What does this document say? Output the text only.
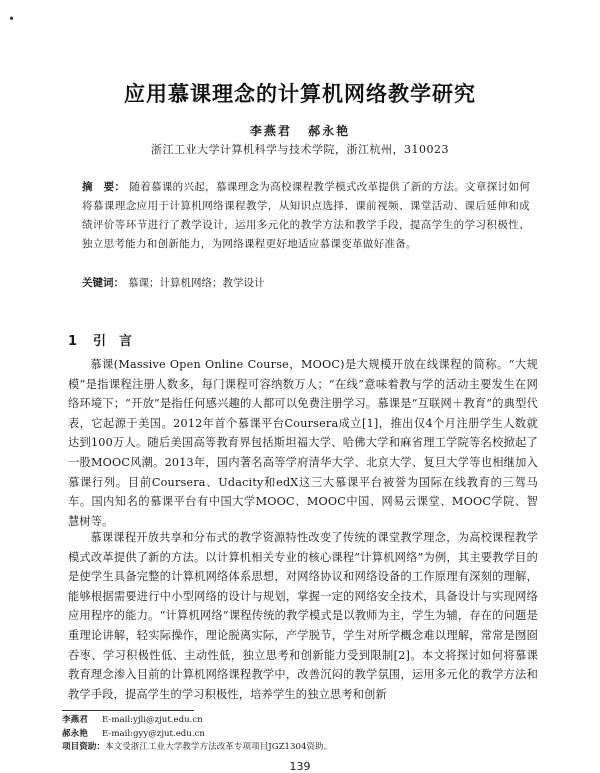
•
应用慕课理念的计算机网络教学研究
李燕君 郝永艳
浙江工业大学计算机科学与技术学院，浙江杭州，310023
摘　要： 随着慕课的兴起，慕课理念为高校课程教学模式改革提供了新的方法。文章探讨如何将慕课理念应用于计算机网络课程教学，从知识点选择、课前视频、课堂活动、课后延伸和成绩评价等环节进行了教学设计，运用多元化的教学方法和教学手段，提高学生的学习积极性、独立思考能力和创新能力，为网络课程更好地适应慕课变革做好准备。
关键词： 慕课；计算机网络；教学设计
1 引　言

慕课(Massive Open Online Course，MOOC)是大规模开放在线课程的简称。“大规模”是指课程注册人数多，每门课程可容纳数万人；“在线”意味着教与学的活动主要发生在网络环境下；“开放”是指任何感兴趣的人都可以免费注册学习。慕课是“互联网＋教育”的典型代表，它起源于美国。2012年首个慕课平台Coursera成立[1]，推出仅4个月注册学生人数就达到100万人。随后美国高等教育界包括斯坦福大学、哈佛大学和麻省理工学院等名校掀起了一股MOOC风潮。2013年，国内著名高等学府清华大学、北京大学、复旦大学等也相继加入慕课行列。目前Coursera、Udacity和edX这三大慕课平台被誉为国际在线教育的三驾马车。国内知名的慕课平台有中国大学MOOC、MOOC中国、网易云课堂、MOOC学院、智慧树等。

慕课课程开放共享和分布式的教学资源特性改变了传统的课堂教学理念，为高校课程教学模式改革提供了新的方法。以计算机相关专业的核心课程“计算机网络”为例，其主要教学目的是使学生具备完整的计算机网络体系思想，对网络协议和网络设备的工作原理有深刻的理解，能够根据需要进行中小型网络的设计与规划，掌握一定的网络安全技术，具备设计与实现网络应用程序的能力。“计算机网络”课程传统的教学模式是以教师为主，学生为辅，存在的问题是重理论讲解，轻实际操作，理论脱离实际，产学脱节，学生对所学概念难以理解，常常是囫囵吞枣、学习积极性低、主动性低，独立思考和创新能力受到限制[2]。本文将探讨如何将慕课教育理念渗入目前的计算机网络课程教学中，改善沉闷的教学氛围，运用多元化的教学方法和教学手段，提高学生的学习积极性，培养学生的独立思考和创新

李燕君 E-mail:yjli@zjut.edu.cn
郝永艳 E-mail:gyy@zjut.edu.cn
项目资助：本文受浙江工业大学教学方法改革专项项目JGZ1304资助。
139
